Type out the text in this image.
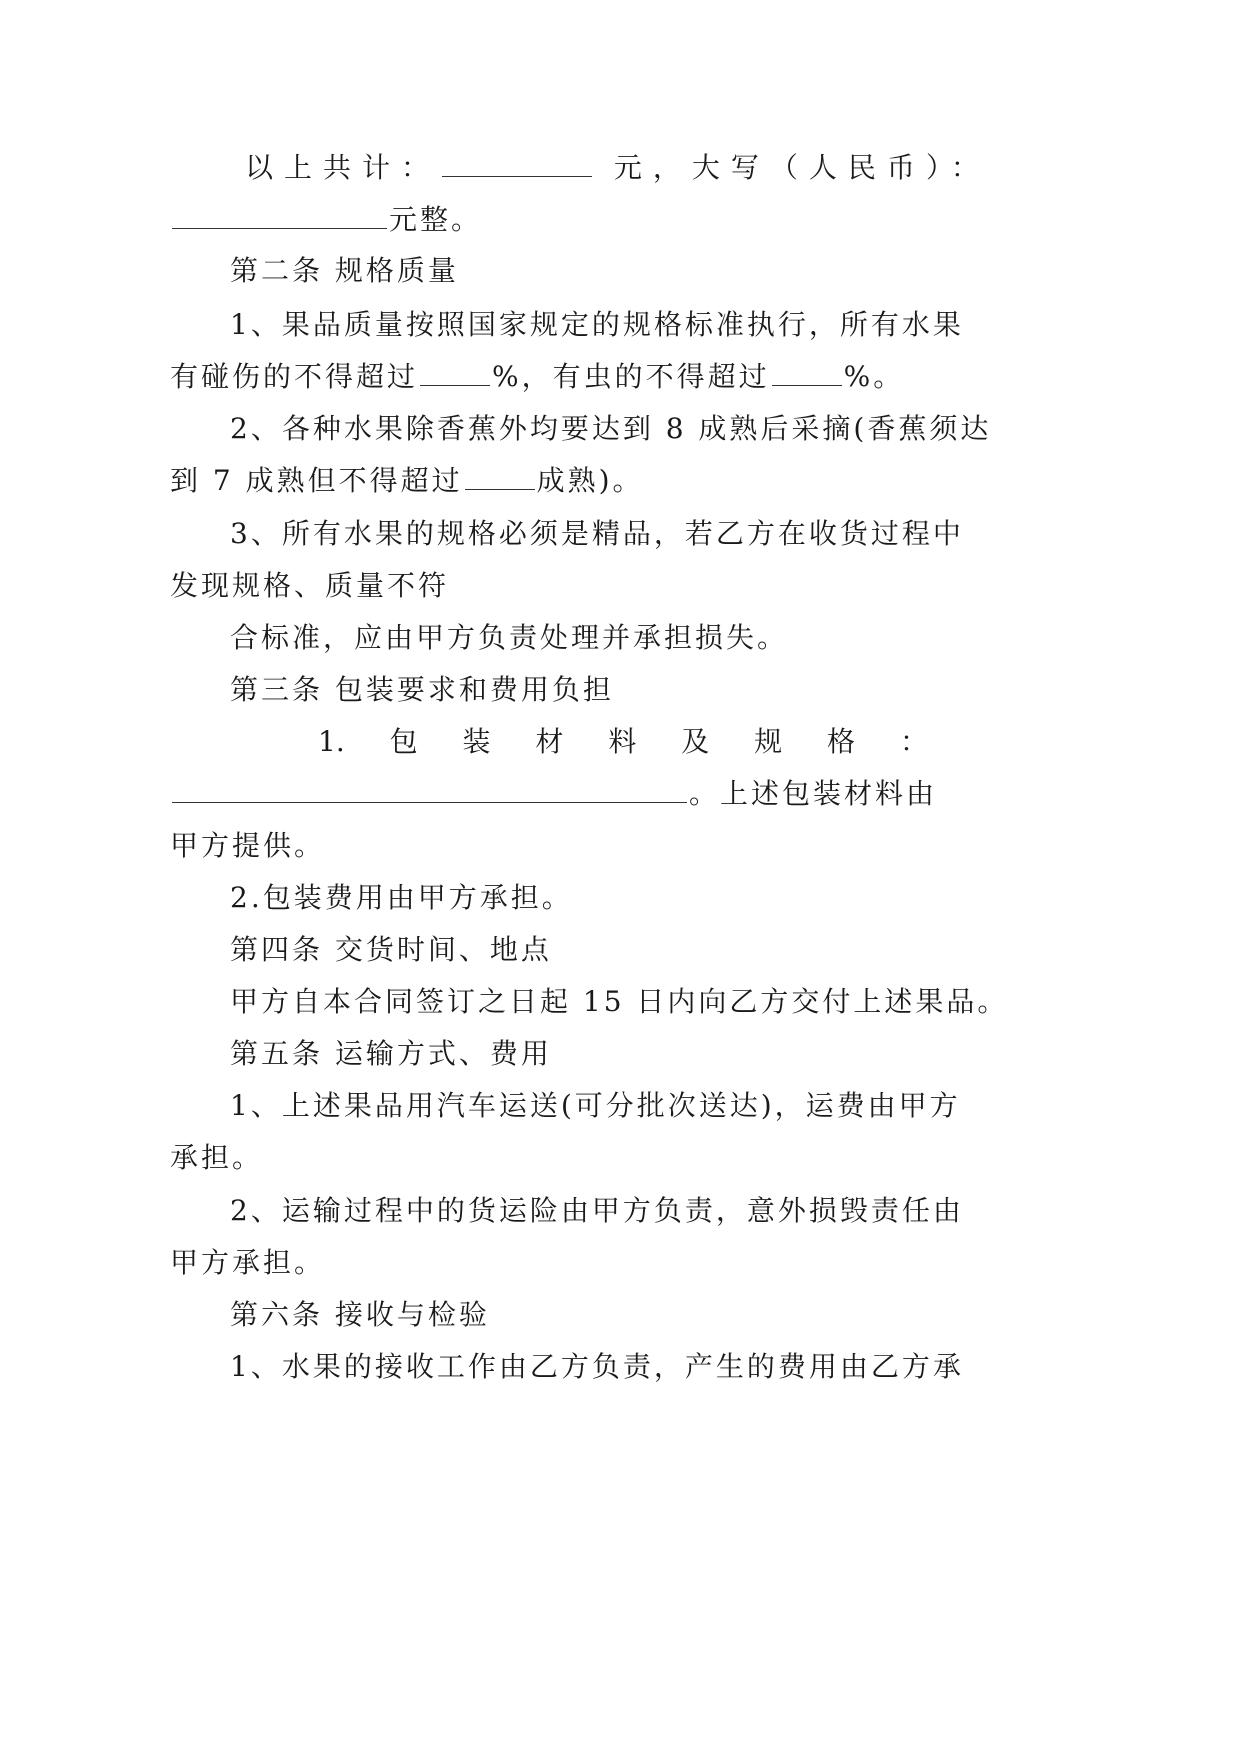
以上共计：	元，大写（人民币）：
元整。
第二条 规格质量
1、果品质量按照国家规定的规格标准执行，所有水果
有碰伤的不得超过	%，有虫的不得超过	%。
2、各种水果除香蕉外均要达到 8 成熟后采摘(香蕉须达
到 7 成熟但不得超过	成熟)。
3、所有水果的规格必须是精品，若乙方在收货过程中
发现规格、质量不符
合标准，应由甲方负责处理并承担损失。
第三条 包装要求和费用负担
1. 包 装 材 料 及 规 格 ：
。上述包装材料由
甲方提供。
2.包装费用由甲方承担。
第四条 交货时间、地点
甲方自本合同签订之日起 15 日内向乙方交付上述果品。
第五条 运输方式、费用
1、上述果品用汽车运送(可分批次送达)，运费由甲方
承担。
2、运输过程中的货运险由甲方负责，意外损毁责任由
甲方承担。
第六条 接收与检验
1、水果的接收工作由乙方负责，产生的费用由乙方承
